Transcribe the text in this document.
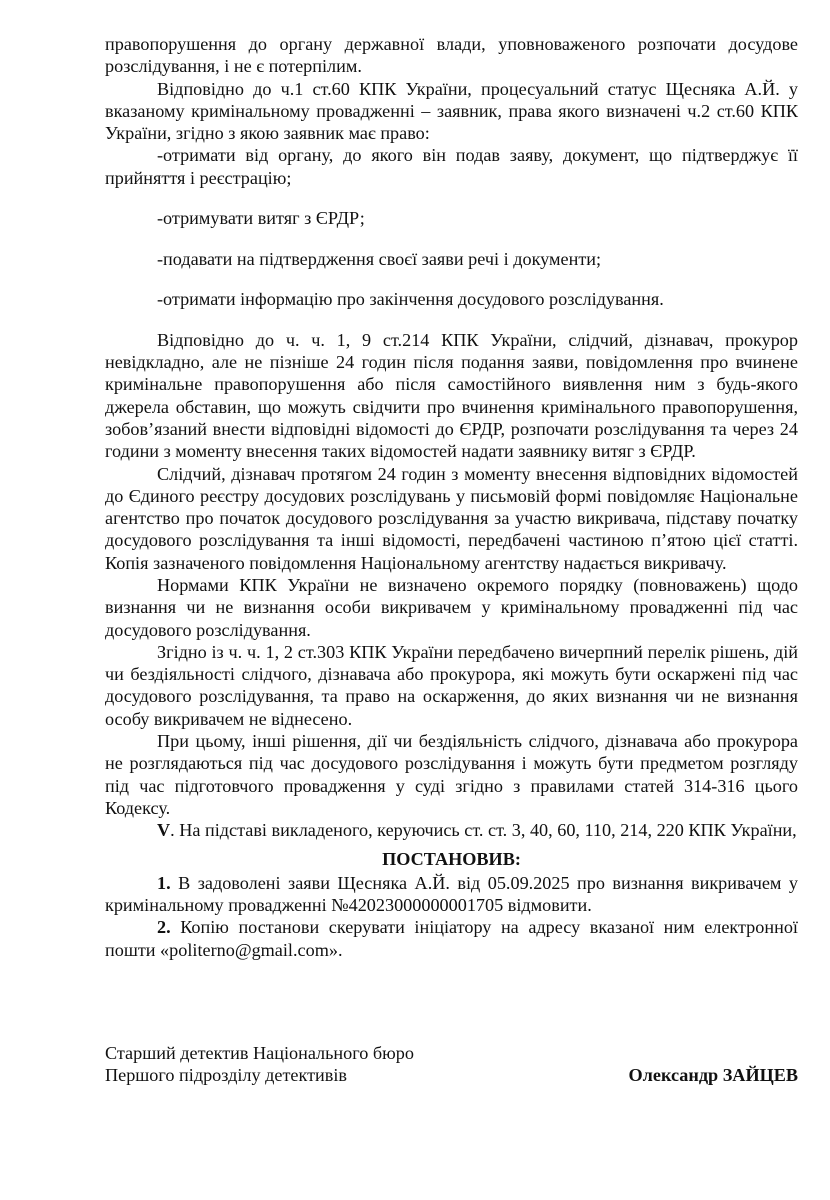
правопорушення до органу державної влади, уповноваженого розпочати досудове розслідування, і не є потерпілим.

Відповідно до ч.1 ст.60 КПК України, процесуальний статус Щесняка А.Й. у вказаному кримінальному провадженні – заявник, права якого визначені ч.2 ст.60 КПК України, згідно з якою заявник має право:

-отримати від органу, до якого він подав заяву, документ, що підтверджує її прийняття і реєстрацію;

-отримувати витяг з ЄРДР;

-подавати на підтвердження своєї заяви речі і документи;

-отримати інформацію про закінчення досудового розслідування.

Відповідно до ч. ч. 1, 9 ст.214 КПК України, слідчий, дізнавач, прокурор невідкладно, але не пізніше 24 годин після подання заяви, повідомлення про вчинене кримінальне правопорушення або після самостійного виявлення ним з будь-якого джерела обставин, що можуть свідчити про вчинення кримінального правопорушення, зобов’язаний внести відповідні відомості до ЄРДР, розпочати розслідування та через 24 години з моменту внесення таких відомостей надати заявнику витяг з ЄРДР.

Слідчий, дізнавач протягом 24 годин з моменту внесення відповідних відомостей до Єдиного реєстру досудових розслідувань у письмовій формі повідомляє Національне агентство про початок досудового розслідування за участю викривача, підставу початку досудового розслідування та інші відомості, передбачені частиною п’ятою цієї статті. Копія зазначеного повідомлення Національному агентству надається викривачу.

Нормами КПК України не визначено окремого порядку (повноважень) щодо визнання чи не визнання особи викривачем у кримінальному провадженні під час досудового розслідування.

Згідно із ч. ч. 1, 2 ст.303 КПК України передбачено вичерпний перелік рішень, дій чи бездіяльності слідчого, дізнавача або прокурора, які можуть бути оскаржені під час досудового розслідування, та право на оскарження, до яких визнання чи не визнання особу викривачем не віднесено.

При цьому, інші рішення, дії чи бездіяльність слідчого, дізнавача або прокурора не розглядаються під час досудового розслідування і можуть бути предметом розгляду під час підготовчого провадження у суді згідно з правилами статей 314-316 цього Кодексу.

V. На підставі викладеного, керуючись ст. ст. 3, 40, 60, 110, 214, 220 КПК України,

ПОСТАНОВИВ:

1. В задоволені заяви Щесняка А.Й. від 05.09.2025 про визнання викривачем у кримінальному провадженні №42023000000001705 відмовити.

2. Копію постанови скерувати ініціатору на адресу вказаної ним електронної пошти «politerno@gmail.com».

Старший детектив Національного бюро
Першого підрозділу детективів	Олександр ЗАЙЦЕВ
